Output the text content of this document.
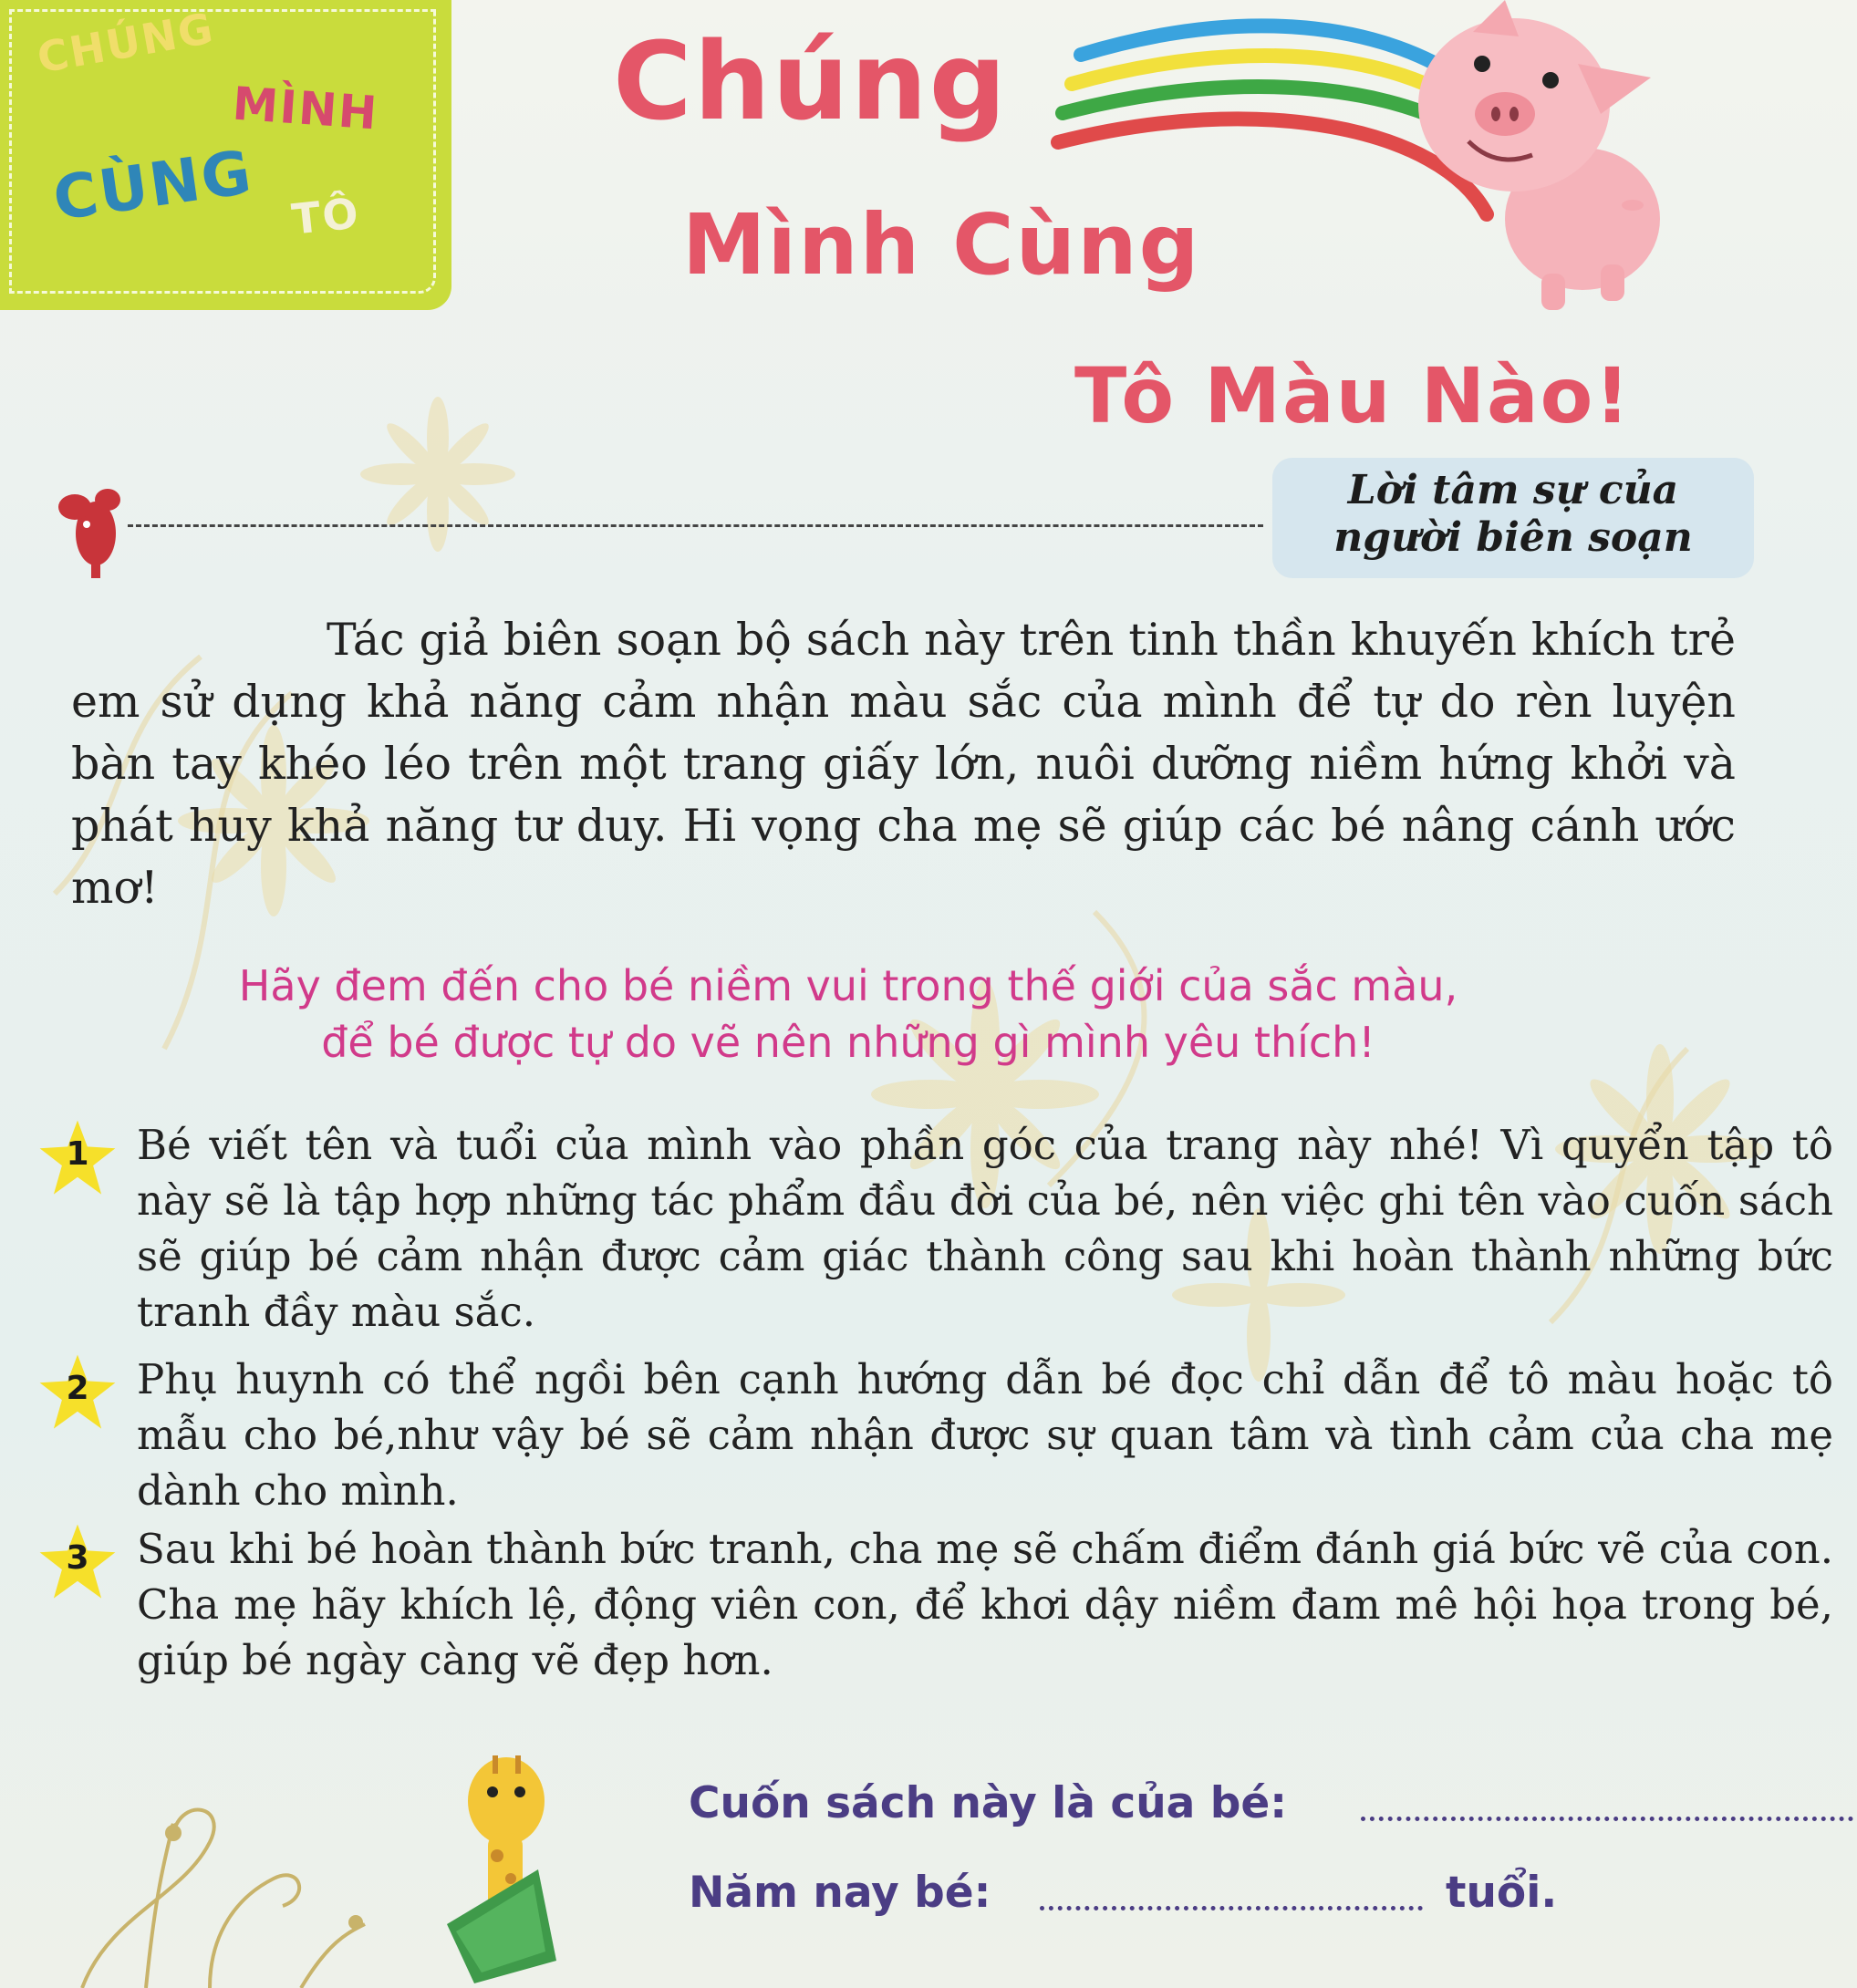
CHÚNG
MÌNH
CÙNG TÔ
Chúng
Mình Cùng
Tô Màu Nào!
Lời tâm sự của
người biên soạn

Tác giả biên soạn bộ sách này trên tinh thần khuyến khích trẻ em sử dụng khả năng cảm nhận màu sắc của mình để tự do rèn luyện bàn tay khéo léo trên một trang giấy lớn, nuôi dưỡng niềm hứng khởi và phát huy khả năng tư duy. Hi vọng cha mẹ sẽ giúp các bé nâng cánh ước mơ!

Hãy đem đến cho bé niềm vui trong thế giới của sắc màu,
để bé được tự do vẽ nên những gì mình yêu thích!

1	Bé viết tên và tuổi của mình vào phần góc của trang này nhé! Vì quyển tập tô này sẽ là tập hợp những tác phẩm đầu đời của bé, nên việc ghi tên vào cuốn sách sẽ giúp bé cảm nhận được cảm giác thành công sau khi hoàn thành những bức tranh đầy màu sắc.

2	Phụ huynh có thể ngồi bên cạnh hướng dẫn bé đọc chỉ dẫn để tô màu hoặc tô mẫu cho bé,như vậy bé sẽ cảm nhận được sự quan tâm và tình cảm của cha mẹ dành cho mình.

3	Sau khi bé hoàn thành bức tranh, cha mẹ sẽ chấm điểm đánh giá bức vẽ của con. Cha mẹ hãy khích lệ, động viên con, để khơi dậy niềm đam mê hội họa trong bé, giúp bé ngày càng vẽ đẹp hơn.

Cuốn sách này là của bé:
Năm nay bé:	tuổi.
